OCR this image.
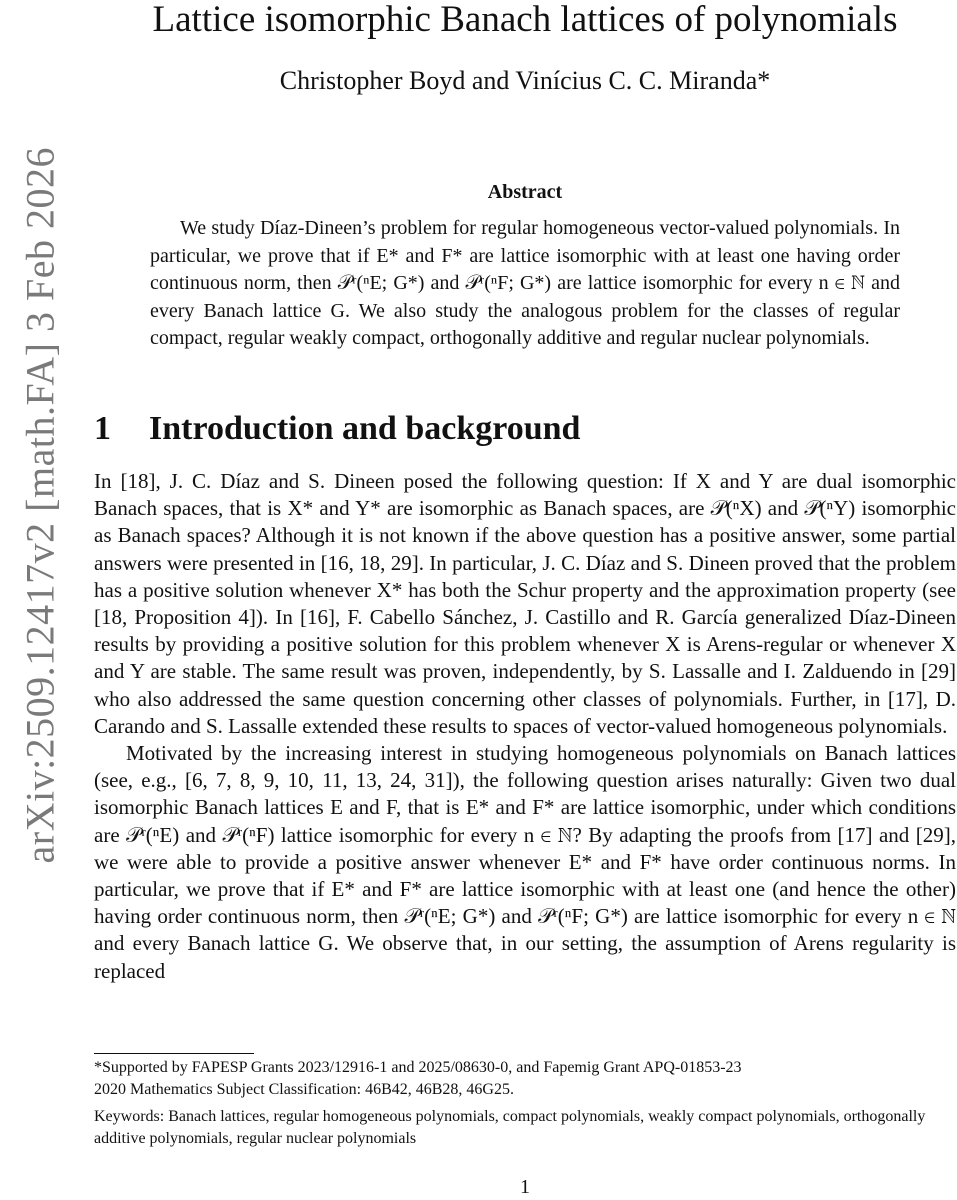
arXiv:2509.12417v2 [math.FA] 3 Feb 2026
Lattice isomorphic Banach lattices of polynomials
Christopher Boyd and Vinícius C. C. Miranda*
Abstract
We study Díaz-Dineen’s problem for regular homogeneous vector-valued polynomials. In particular, we prove that if E* and F* are lattice isomorphic with at least one having order continuous norm, then 𝒫ʳ(ⁿE; G*) and 𝒫ʳ(ⁿF; G*) are lattice isomorphic for every n ∈ ℕ and every Banach lattice G. We also study the analogous problem for the classes of regular compact, regular weakly compact, orthogonally additive and regular nuclear polynomials.
1 Introduction and background

In [18], J. C. Díaz and S. Dineen posed the following question: If X and Y are dual isomorphic Banach spaces, that is X* and Y* are isomorphic as Banach spaces, are 𝒫(ⁿX) and 𝒫(ⁿY) isomorphic as Banach spaces? Although it is not known if the above question has a positive answer, some partial answers were presented in [16, 18, 29]. In particular, J. C. Díaz and S. Dineen proved that the problem has a positive solution whenever X* has both the Schur property and the approximation property (see [18, Proposition 4]). In [16], F. Cabello Sánchez, J. Castillo and R. García generalized Díaz-Dineen results by providing a positive solution for this problem whenever X is Arens-regular or whenever X and Y are stable. The same result was proven, independently, by S. Lassalle and I. Zalduendo in [29] who also addressed the same question concerning other classes of polynomials. Further, in [17], D. Carando and S. Lassalle extended these results to spaces of vector-valued homogeneous polynomials.

Motivated by the increasing interest in studying homogeneous polynomials on Banach lattices (see, e.g., [6, 7, 8, 9, 10, 11, 13, 24, 31]), the following question arises naturally: Given two dual isomorphic Banach lattices E and F, that is E* and F* are lattice isomorphic, under which conditions are 𝒫ʳ(ⁿE) and 𝒫ʳ(ⁿF) lattice isomorphic for every n ∈ ℕ? By adapting the proofs from [17] and [29], we were able to provide a positive answer whenever E* and F* have order continuous norms. In particular, we prove that if E* and F* are lattice isomorphic with at least one (and hence the other) having order continuous norm, then 𝒫ʳ(ⁿE; G*) and 𝒫ʳ(ⁿF; G*) are lattice isomorphic for every n ∈ ℕ and every Banach lattice G. We observe that, in our setting, the assumption of Arens regularity is replaced

*Supported by FAPESP Grants 2023/12916-1 and 2025/08630-0, and Fapemig Grant APQ-01853-23
2020 Mathematics Subject Classification: 46B42, 46B28, 46G25.
Keywords: Banach lattices, regular homogeneous polynomials, compact polynomials, weakly compact polynomials, orthogonally additive polynomials, regular nuclear polynomials
1
